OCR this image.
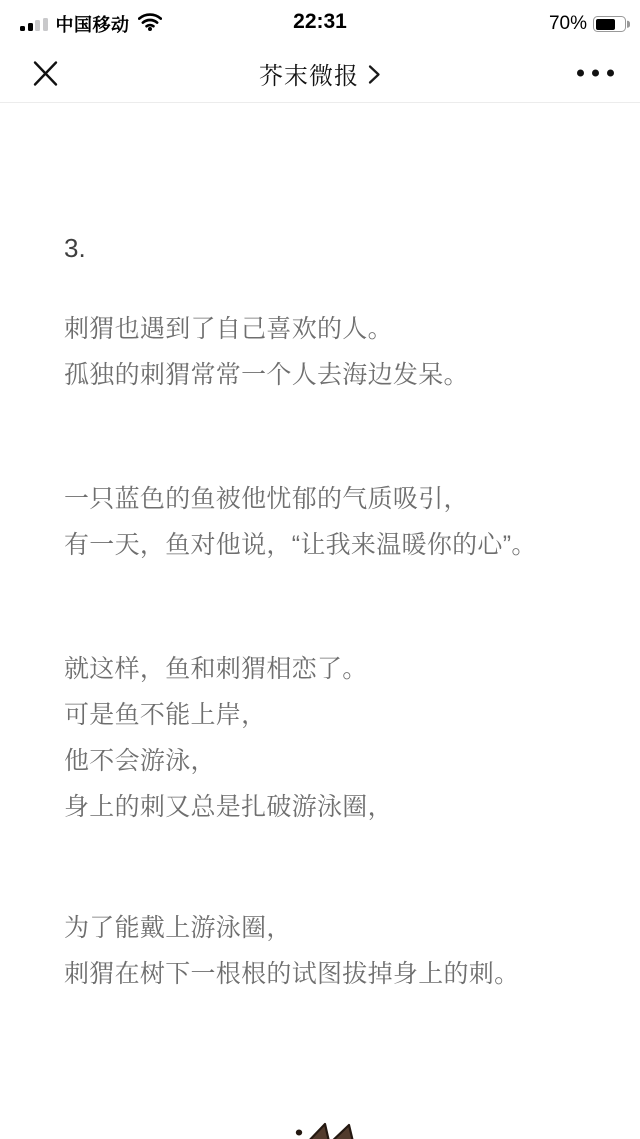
中国移动	22:31	70%
芥末微报

3.

刺猬也遇到了自己喜欢的人。

孤独的刺猬常常一个人去海边发呆。

一只蓝色的鱼被他忧郁的气质吸引，

有一天，鱼对他说，“让我来温暖你的心”。

就这样，鱼和刺猬相恋了。

可是鱼不能上岸，

他不会游泳，

身上的刺又总是扎破游泳圈，

为了能戴上游泳圈，

刺猬在树下一根根的试图拔掉身上的刺。
